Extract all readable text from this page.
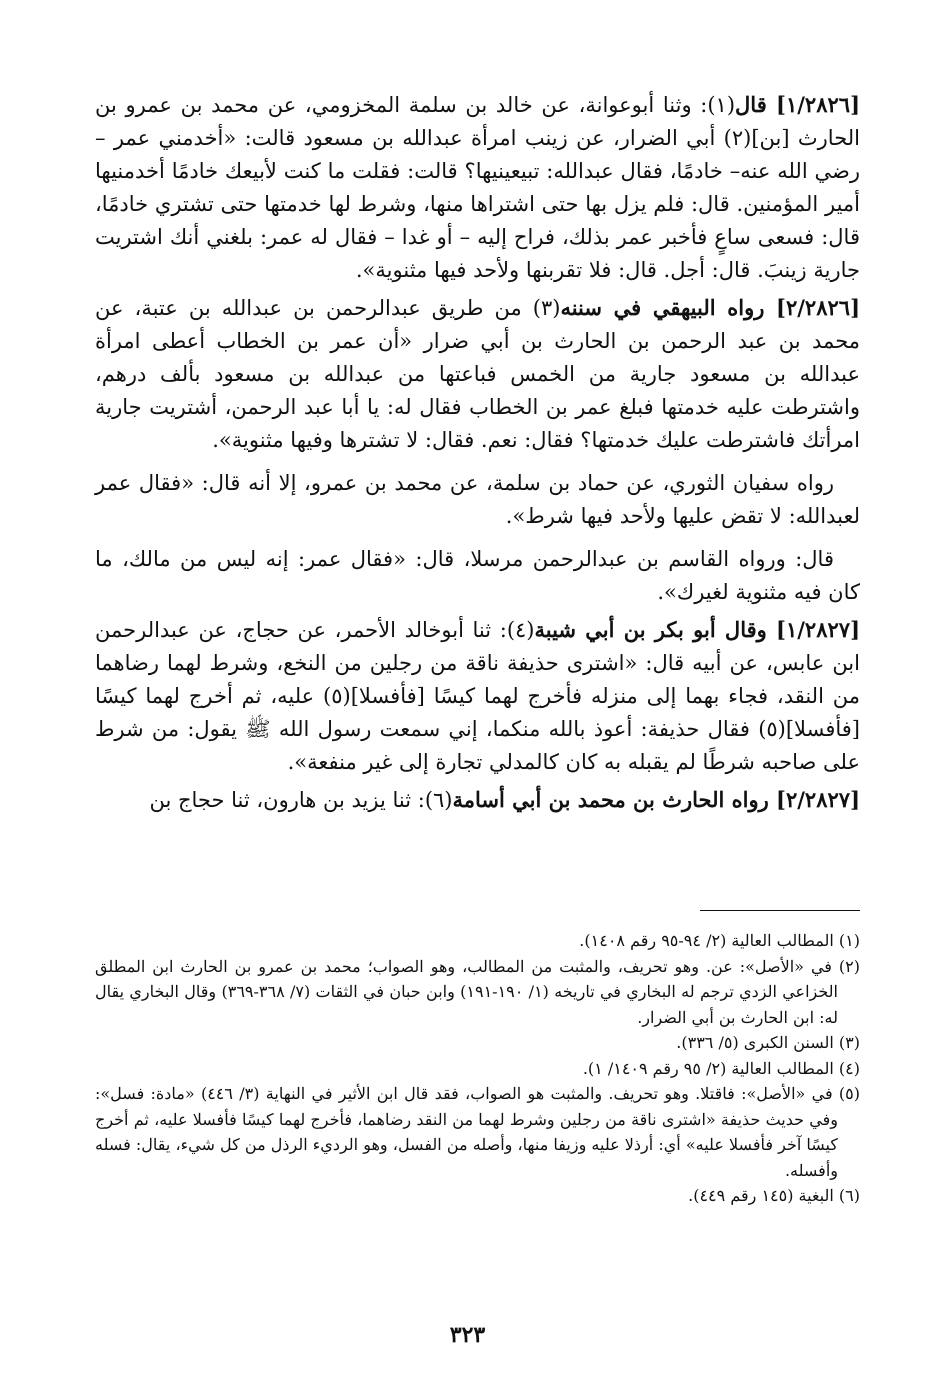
[١/٢٨٢٦] قال(١): وثنا أبوعوانة، عن خالد بن سلمة المخزومي، عن محمد بن عمرو بن الحارث [بن](٢) أبي الضرار، عن زينب امرأة عبدالله بن مسعود قالت: «أخدمني عمر – رضي الله عنه– خادمًا، فقال عبدالله: تبيعينيها؟ قالت: فقلت ما كنت لأبيعك خادمًا أخدمنيها أمير المؤمنين. قال: فلم يزل بها حتى اشتراها منها، وشرط لها خدمتها حتى تشتري خادمًا، قال: فسعى ساعٍ فأخبر عمر بذلك، فراح إليه – أو غدا – فقال له عمر: بلغني أنك اشتريت جارية زينبَ. قال: أجل. قال: فلا تقربنها ولأحد فيها مثنوية».

[٢/٢٨٢٦] رواه البيهقي في سننه(٣) من طريق عبدالرحمن بن عبدالله بن عتبة، عن محمد بن عبد الرحمن بن الحارث بن أبي ضرار «أن عمر بن الخطاب أعطى امرأة عبدالله بن مسعود جارية من الخمس فباعتها من عبدالله بن مسعود بألف درهم، واشترطت عليه خدمتها فبلغ عمر بن الخطاب فقال له: يا أبا عبد الرحمن، أشتريت جارية امرأتك فاشترطت عليك خدمتها؟ فقال: نعم. فقال: لا تشترها وفيها مثنوية».

رواه سفيان الثوري، عن حماد بن سلمة، عن محمد بن عمرو، إلا أنه قال: «فقال عمر لعبدالله: لا تقض عليها ولأحد فيها شرط».

قال: ورواه القاسم بن عبدالرحمن مرسلا، قال: «فقال عمر: إنه ليس من مالك، ما كان فيه مثنوية لغيرك».

[١/٢٨٢٧] وقال أبو بكر بن أبي شيبة(٤): ثنا أبوخالد الأحمر، عن حجاج، عن عبدالرحمن ابن عابس، عن أبيه قال: «اشترى حذيفة ناقة من رجلين من النخع، وشرط لهما رضاهما من النقد، فجاء بهما إلى منزله فأخرج لهما كيسًا [فأفسلا](٥) عليه، ثم أخرج لهما كيسًا [فأفسلا](٥) فقال حذيفة: أعوذ بالله منكما، إني سمعت رسول الله ﷺ يقول: من شرط على صاحبه شرطًا لم يقبله به كان كالمدلي تجارة إلى غير منفعة».

[٢/٢٨٢٧] رواه الحارث بن محمد بن أبي أسامة(٦): ثنا يزيد بن هارون، ثنا حجاج بن

(١) المطالب العالية (٢/ ٩٤-٩٥ رقم ١٤٠٨).

(٢) في «الأصل»: عن. وهو تحريف، والمثبت من المطالب، وهو الصواب؛ محمد بن عمرو بن الحارث ابن المطلق الخزاعي الزدي ترجم له البخاري في تاريخه (١/ ١٩٠-١٩١) وابن حبان في الثقات (٧/ ٣٦٨-٣٦٩) وقال البخاري يقال له: ابن الحارث بن أبي الضرار.

(٣) السنن الكبرى (٥/ ٣٣٦).

(٤) المطالب العالية (٢/ ٩٥ رقم ١٤٠٩/ ١).

(٥) في «الأصل»: فاقتلا. وهو تحريف. والمثبت هو الصواب، فقد قال ابن الأثير في النهاية (٣/ ٤٤٦) «مادة: فسل»: وفي حديث حذيفة «اشترى ناقة من رجلين وشرط لهما من النقد رضاهما، فأخرج لهما كيسًا فأفسلا عليه، ثم أخرج كيسًا آخر فأفسلا عليه» أي: أرذلا عليه وزيفا منها، وأصله من الفسل، وهو الرديء الرذل من كل شيء، يقال: فسله وأفسله.

(٦) البغية (١٤٥ رقم ٤٤٩).

٣٢٣
